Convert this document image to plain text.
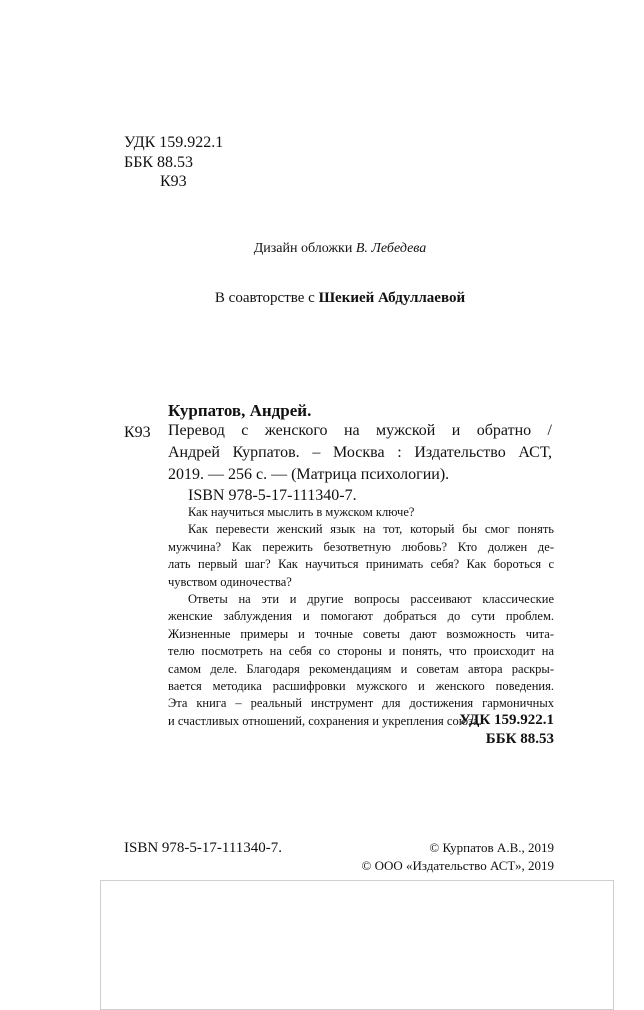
УДК 159.922.1
ББК 88.53
К93
Дизайн обложки В. Лебедева
В соавторстве с Шекией Абдуллаевой
Курпатов, Андрей.
К93 Перевод с женского на мужской и обратно /
Андрей Курпатов. – Москва : Издательство АСТ,
2019. — 256 с. — (Матрица психологии).
ISBN 978-5-17-111340-7.
Как научиться мыслить в мужском ключе?
Как перевести женский язык на тот, который бы смог понять
мужчина? Как пережить безответную любовь? Кто должен де-
лать первый шаг? Как научиться принимать себя? Как бороться с
чувством одиночества?
Ответы на эти и другие вопросы рассеивают классические
женские заблуждения и помогают добраться до сути проблем.
Жизненные примеры и точные советы дают возможность чита-
телю посмотреть на себя со стороны и понять, что происходит на
самом деле. Благодаря рекомендациям и советам автора раскры-
вается методика расшифровки мужского и женского поведения.
Эта книга – реальный инструмент для достижения гармоничных
и счастливых отношений, сохранения и укрепления союза.
УДК 159.922.1
ББК 88.53
ISBN 978-5-17-111340-7.	© Курпатов А.В., 2019
© ООО «Издательство АСТ», 2019
